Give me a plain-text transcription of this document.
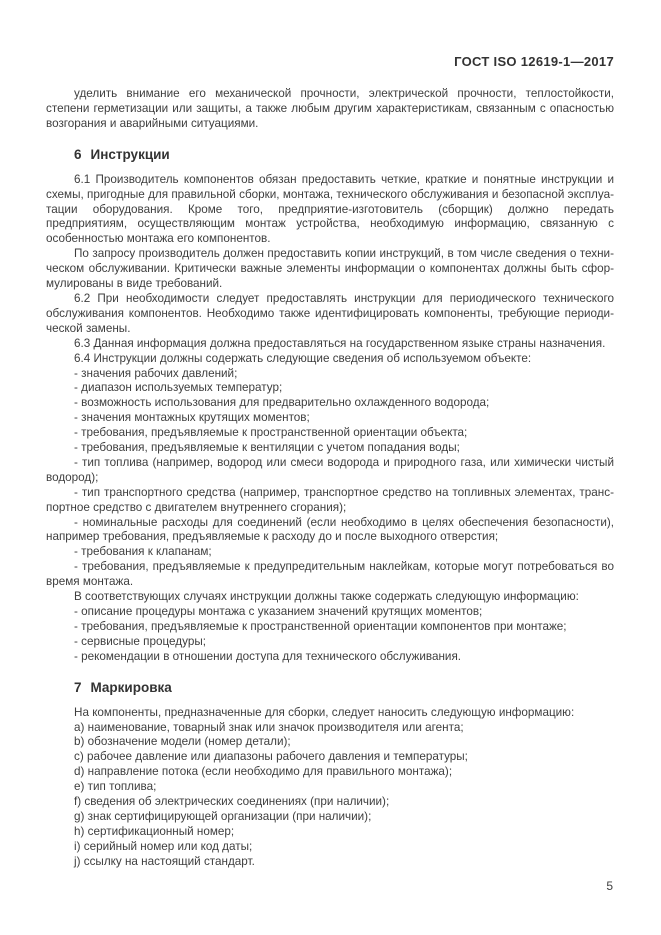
ГОСТ ISO 12619-1—2017

уделить внимание его механической прочности, электрической прочности, теплостойкости, степени герметизации или защиты, а также любым другим характеристикам, связанным с опасностью возгорания и аварийными ситуациями.

6 Инструкции

6.1 Производитель компонентов обязан предоставить четкие, краткие и понятные инструкции и схемы, пригодные для правильной сборки, монтажа, технического обслуживания и безопасной эксплуатации оборудования. Кроме того, предприятие-изготовитель (сборщик) должно передать предприятиям, осуществляющим монтаж устройства, необходимую информацию, связанную с особенностью монтажа его компонентов.

По запросу производитель должен предоставить копии инструкций, в том числе сведения о техническом обслуживании. Критически важные элементы информации о компонентах должны быть сформулированы в виде требований.

6.2 При необходимости следует предоставлять инструкции для периодического технического обслуживания компонентов. Необходимо также идентифицировать компоненты, требующие периодической замены.

6.3 Данная информация должна предоставляться на государственном языке страны назначения.

6.4 Инструкции должны содержать следующие сведения об используемом объекте:

- значения рабочих давлений;

- диапазон используемых температур;

- возможность использования для предварительно охлажденного водорода;

- значения монтажных крутящих моментов;

- требования, предъявляемые к пространственной ориентации объекта;

- требования, предъявляемые к вентиляции с учетом попадания воды;

- тип топлива (например, водород или смеси водорода и природного газа, или химически чистый водород);

- тип транспортного средства (например, транспортное средство на топливных элементах, транспортное средство с двигателем внутреннего сгорания);

- номинальные расходы для соединений (если необходимо в целях обеспечения безопасности), например требования, предъявляемые к расходу до и после выходного отверстия;

- требования к клапанам;

- требования, предъявляемые к предупредительным наклейкам, которые могут потребоваться во время монтажа.

В соответствующих случаях инструкции должны также содержать следующую информацию:

- описание процедуры монтажа с указанием значений крутящих моментов;

- требования, предъявляемые к пространственной ориентации компонентов при монтаже;

- сервисные процедуры;

- рекомендации в отношении доступа для технического обслуживания.

7 Маркировка

На компоненты, предназначенные для сборки, следует наносить следующую информацию:

a) наименование, товарный знак или значок производителя или агента;

b) обозначение модели (номер детали);

c) рабочее давление или диапазоны рабочего давления и температуры;

d) направление потока (если необходимо для правильного монтажа);

e) тип топлива;

f) сведения об электрических соединениях (при наличии);

g) знак сертифицирующей организации (при наличии);

h) сертификационный номер;

i) серийный номер или код даты;

j) ссылку на настоящий стандарт.

5
